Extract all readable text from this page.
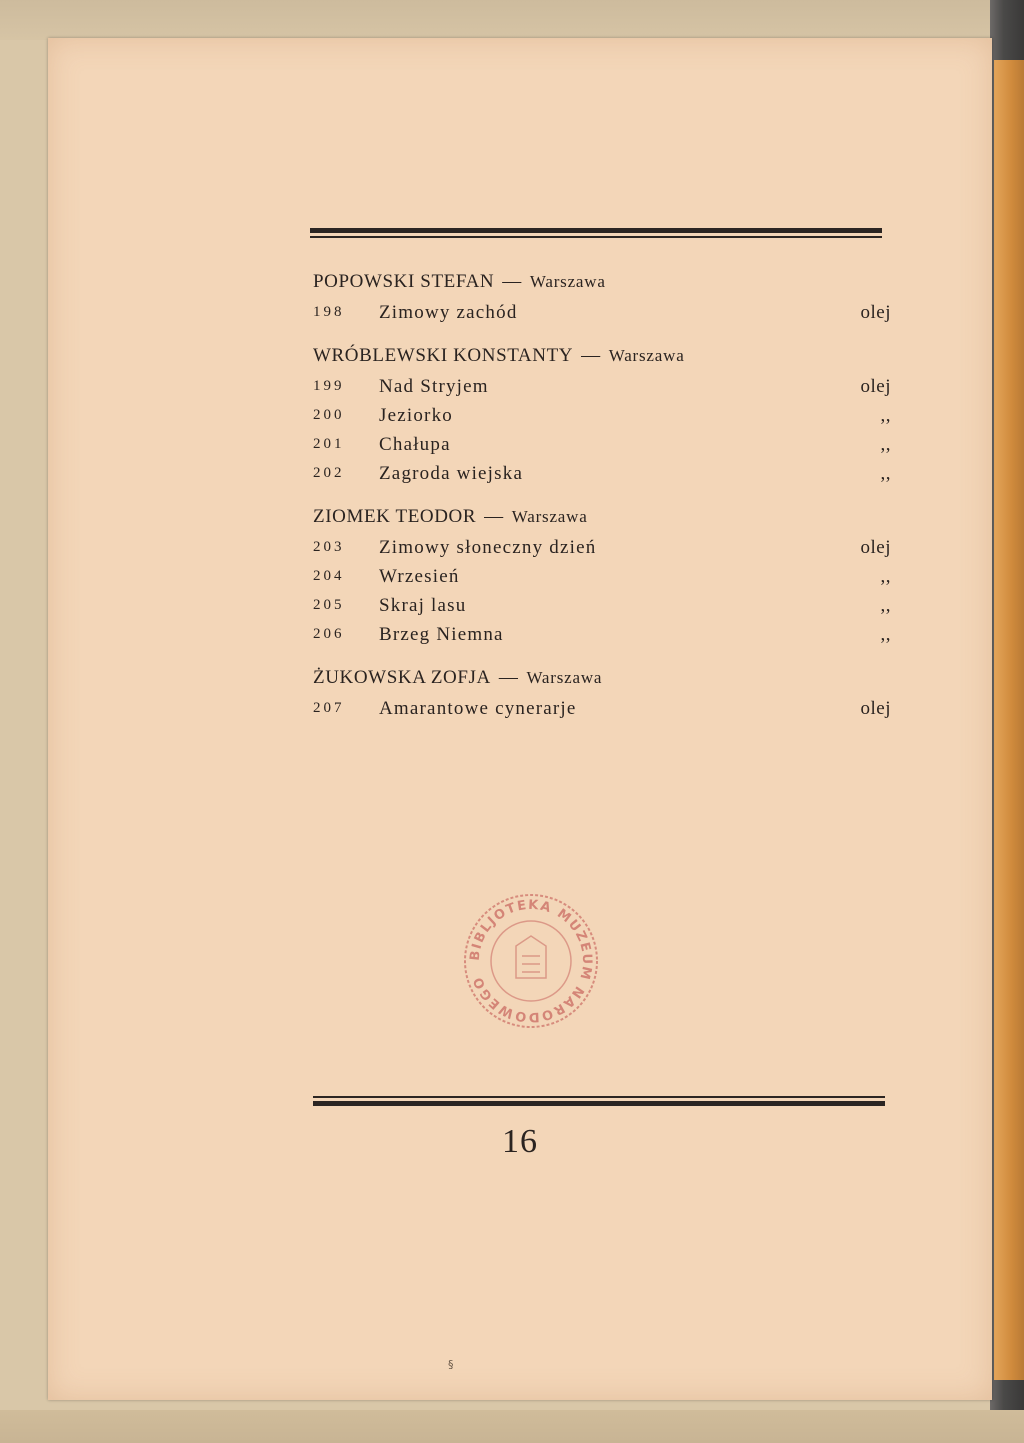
POPOWSKI STEFAN — Warszawa
198	Zimowy zachód	olej
WRÓBLEWSKI KONSTANTY — Warszawa
199	Nad Stryjem	olej
200	Jeziorko	,,
201	Chałupa	,,
202	Zagroda wiejska	,,
ZIOMEK TEODOR — Warszawa
203	Zimowy słoneczny dzień	olej
204	Wrzesień	,,
205	Skraj lasu	,,
206	Brzeg Niemna	,,
ŻUKOWSKA ZOFJA — Warszawa
207	Amarantowe cynerarje	olej
BIBLJOTEKA MUZEUM NARODOWEGO
16
§
